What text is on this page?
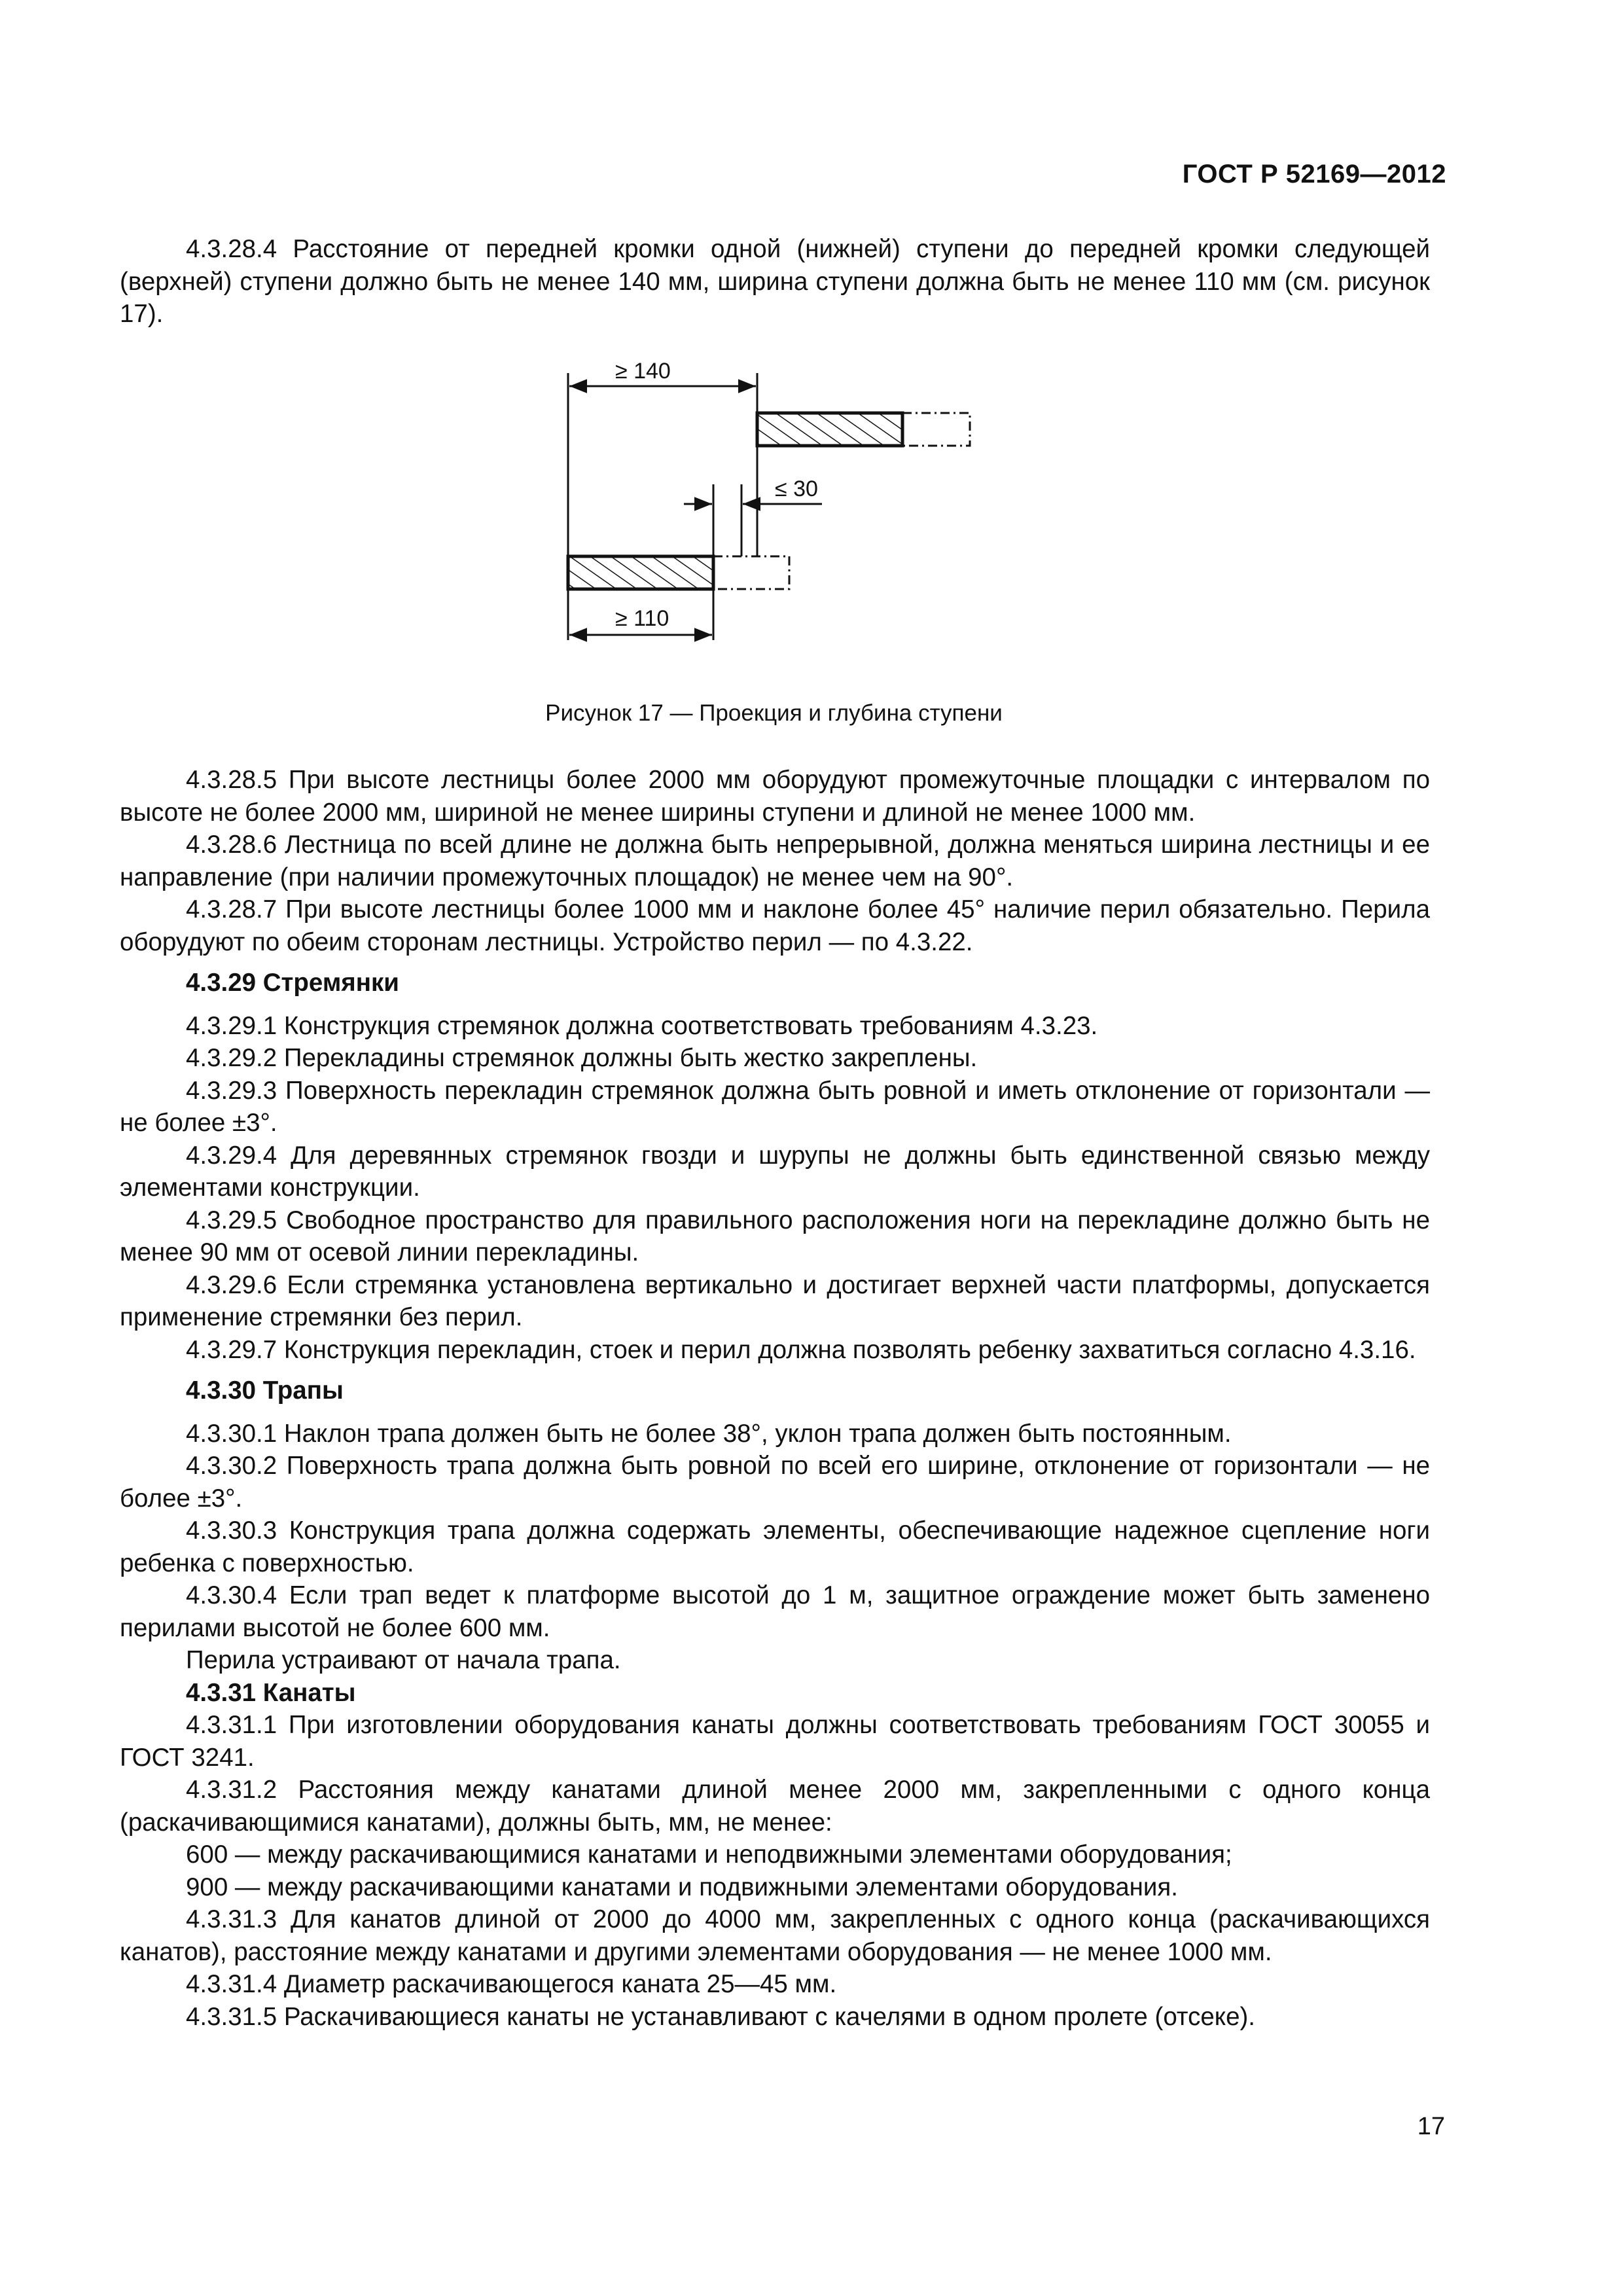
ГОСТ Р 52169—2012

4.3.28.4 Расстояние от передней кромки одной (нижней) ступени до передней кромки следующей (верхней) ступени должно быть не менее 140 мм, ширина ступени должна быть не менее 110 мм (см. рисунок 17).

≥ 140
≤ 30
≥ 110
Рисунок 17 — Проекция и глубина ступени

4.3.28.5 При высоте лестницы более 2000 мм оборудуют промежуточные площадки с интервалом по высоте не более 2000 мм, шириной не менее ширины ступени и длиной не менее 1000 мм.

4.3.28.6 Лестница по всей длине не должна быть непрерывной, должна меняться ширина лестницы и ее направление (при наличии промежуточных площадок) не менее чем на 90°.

4.3.28.7 При высоте лестницы более 1000 мм и наклоне более 45° наличие перил обязательно. Перила оборудуют по обеим сторонам лестницы. Устройство перил — по 4.3.22.

4.3.29 Стремянки

4.3.29.1 Конструкция стремянок должна соответствовать требованиям 4.3.23.

4.3.29.2 Перекладины стремянок должны быть жестко закреплены.

4.3.29.3 Поверхность перекладин стремянок должна быть ровной и иметь отклонение от горизонтали — не более ±3°.

4.3.29.4 Для деревянных стремянок гвозди и шурупы не должны быть единственной связью между элементами конструкции.

4.3.29.5 Свободное пространство для правильного расположения ноги на перекладине должно быть не менее 90 мм от осевой линии перекладины.

4.3.29.6 Если стремянка установлена вертикально и достигает верхней части платформы, допускается применение стремянки без перил.

4.3.29.7 Конструкция перекладин, стоек и перил должна позволять ребенку захватиться согласно 4.3.16.

4.3.30 Трапы

4.3.30.1 Наклон трапа должен быть не более 38°, уклон трапа должен быть постоянным.

4.3.30.2 Поверхность трапа должна быть ровной по всей его ширине, отклонение от горизонтали — не более ±3°.

4.3.30.3 Конструкция трапа должна содержать элементы, обеспечивающие надежное сцепление ноги ребенка с поверхностью.

4.3.30.4 Если трап ведет к платформе высотой до 1 м, защитное ограждение может быть заменено перилами высотой не более 600 мм.

Перила устраивают от начала трапа.

4.3.31 Канаты

4.3.31.1 При изготовлении оборудования канаты должны соответствовать требованиям ГОСТ 30055 и ГОСТ 3241.

4.3.31.2 Расстояния между канатами длиной менее 2000 мм, закрепленными с одного конца (раскачивающимися канатами), должны быть, мм, не менее:

600 — между раскачивающимися канатами и неподвижными элементами оборудования;

900 — между раскачивающими канатами и подвижными элементами оборудования.

4.3.31.3 Для канатов длиной от 2000 до 4000 мм, закрепленных с одного конца (раскачивающихся канатов), расстояние между канатами и другими элементами оборудования — не менее 1000 мм.

4.3.31.4 Диаметр раскачивающегося каната 25—45 мм.

4.3.31.5 Раскачивающиеся канаты не устанавливают с качелями в одном пролете (отсеке).

17
